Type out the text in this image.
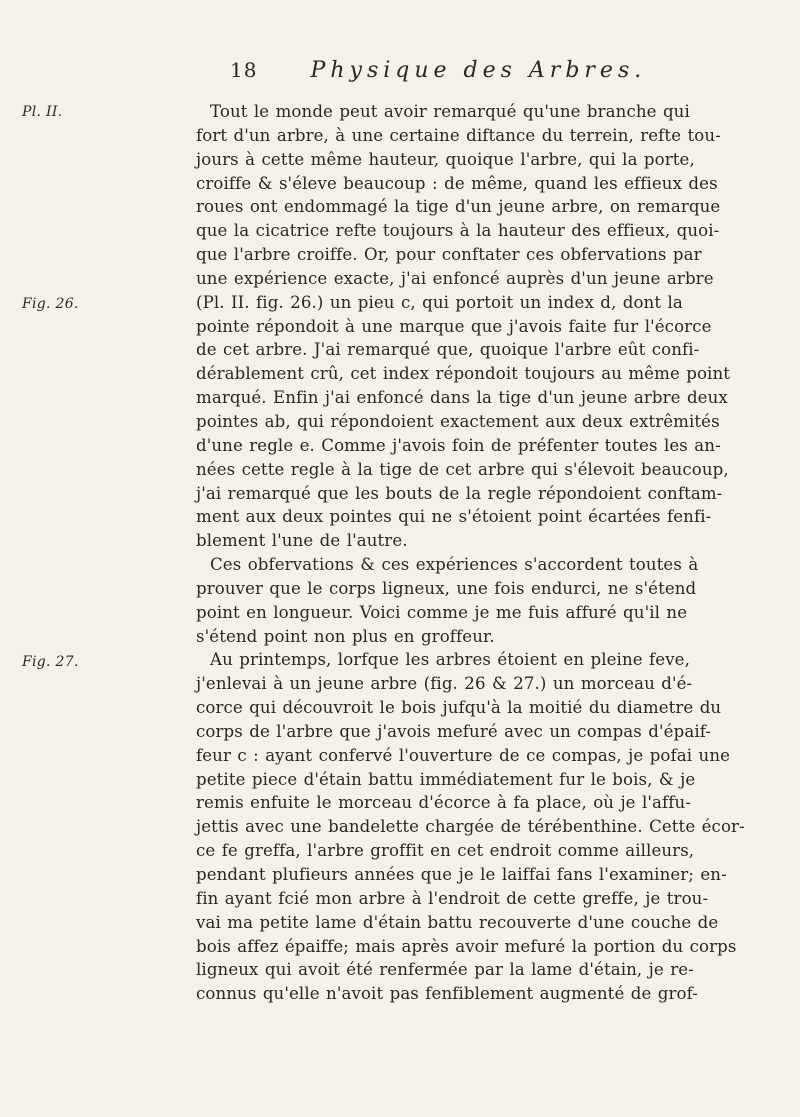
18 Physique des Arbres.
Pl. II.
Fig. 26.
Fig. 27.
Tout le monde peut avoir remarqué qu'une branche qui
fort d'un arbre, à une certaine diftance du terrein, refte tou-
jours à cette même hauteur, quoique l'arbre, qui la porte,
croiffe & s'éleve beaucoup : de même, quand les effieux des
roues ont endommagé la tige d'un jeune arbre, on remarque
que la cicatrice refte toujours à la hauteur des effieux, quoi-
que l'arbre croiffe. Or, pour conftater ces obfervations par
une expérience exacte, j'ai enfoncé auprès d'un jeune arbre
(Pl. II. fig. 26.) un pieu c, qui portoit un index d, dont la
pointe répondoit à une marque que j'avois faite fur l'écorce
de cet arbre. J'ai remarqué que, quoique l'arbre eût confi-
dérablement crû, cet index répondoit toujours au même point
marqué. Enfin j'ai enfoncé dans la tige d'un jeune arbre deux
pointes ab, qui répondoient exactement aux deux extrêmités
d'une regle e. Comme j'avois foin de préfenter toutes les an-
nées cette regle à la tige de cet arbre qui s'élevoit beaucoup,
j'ai remarqué que les bouts de la regle répondoient conftam-
ment aux deux pointes qui ne s'étoient point écartées fenfi-
blement l'une de l'autre.
Ces obfervations & ces expériences s'accordent toutes à
prouver que le corps ligneux, une fois endurci, ne s'étend
point en longueur. Voici comme je me fuis affuré qu'il ne
s'étend point non plus en groffeur.
Au printemps, lorfque les arbres étoient en pleine feve,
j'enlevai à un jeune arbre (fig. 26 & 27.) un morceau d'é-
corce qui découvroit le bois jufqu'à la moitié du diametre du
corps de l'arbre que j'avois mefuré avec un compas d'épaif-
feur c : ayant confervé l'ouverture de ce compas, je pofai une
petite piece d'étain battu immédiatement fur le bois, & je
remis enfuite le morceau d'écorce à fa place, où je l'affu-
jettis avec une bandelette chargée de térébenthine. Cette écor-
ce fe greffa, l'arbre groffit en cet endroit comme ailleurs,
pendant plufieurs années que je le laiffai fans l'examiner; en-
fin ayant fcié mon arbre à l'endroit de cette greffe, je trou-
vai ma petite lame d'étain battu recouverte d'une couche de
bois affez épaiffe; mais après avoir mefuré la portion du corps
ligneux qui avoit été renfermée par la lame d'étain, je re-
connus qu'elle n'avoit pas fenfiblement augmenté de grof-
